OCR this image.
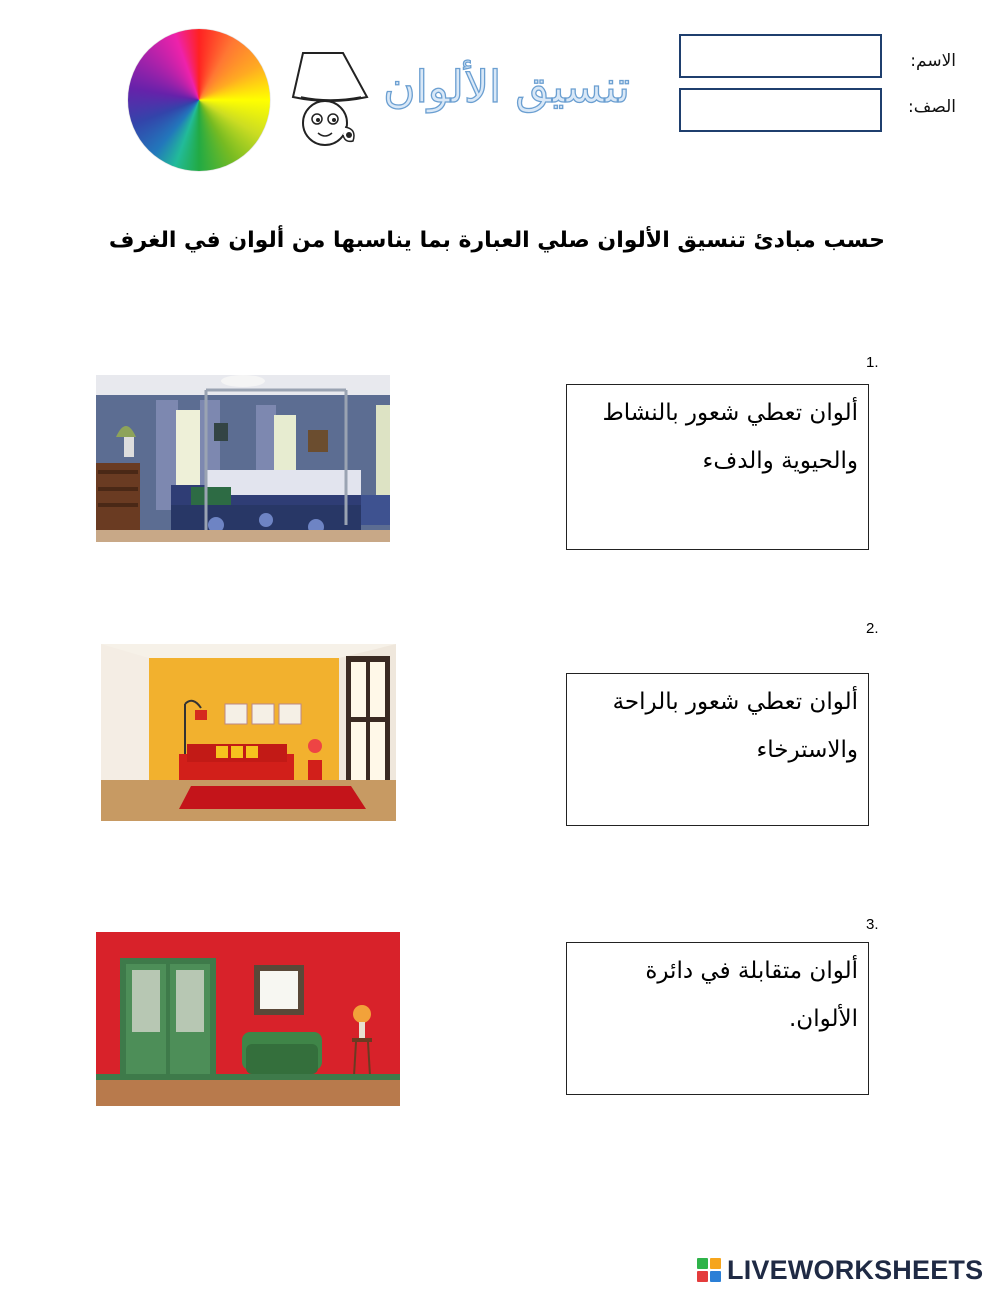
تنسيق الألوان
الاسم:
الصف:
حسب مبادئ تنسيق الألوان صلي العبارة بما يناسبها من ألوان في الغرف
1.
ألوان تعطي شعور بالنشاط
والحيوية والدفء
2.
ألوان تعطي شعور بالراحة
والاسترخاء
3.
ألوان متقابلة في دائرة
الألوان.
LIVEWORKSHEETS
